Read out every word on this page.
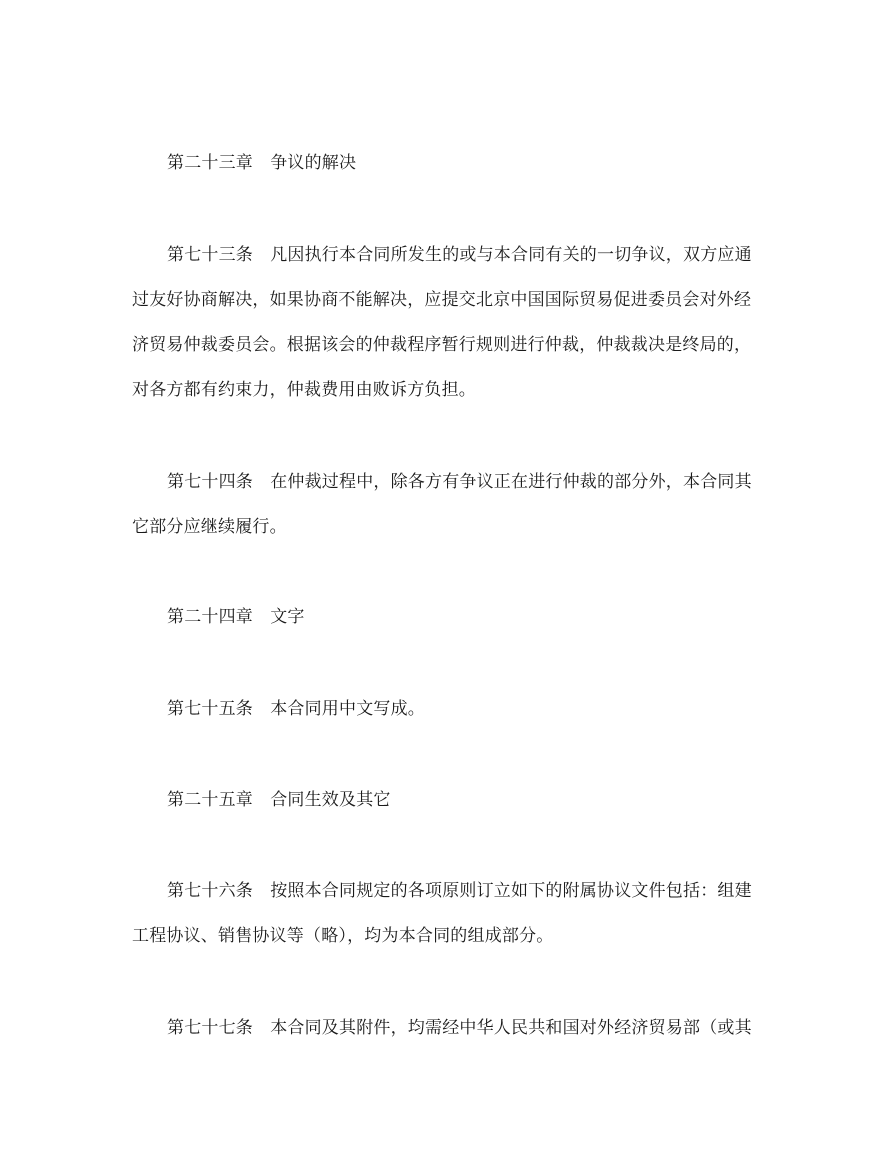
第二十三章　争议的解决
第七十三条　凡因执行本合同所发生的或与本合同有关的一切争议，双方应通
过友好协商解决，如果协商不能解决，应提交北京中国国际贸易促进委员会对外经
济贸易仲裁委员会。根据该会的仲裁程序暂行规则进行仲裁，仲裁裁决是终局的，
对各方都有约束力，仲裁费用由败诉方负担。
第七十四条　在仲裁过程中，除各方有争议正在进行仲裁的部分外，本合同其
它部分应继续履行。
第二十四章　文字
第七十五条　本合同用中文写成。
第二十五章　合同生效及其它
第七十六条　按照本合同规定的各项原则订立如下的附属协议文件包括：组建
工程协议、销售协议等（略），均为本合同的组成部分。
第七十七条　本合同及其附件，均需经中华人民共和国对外经济贸易部（或其
